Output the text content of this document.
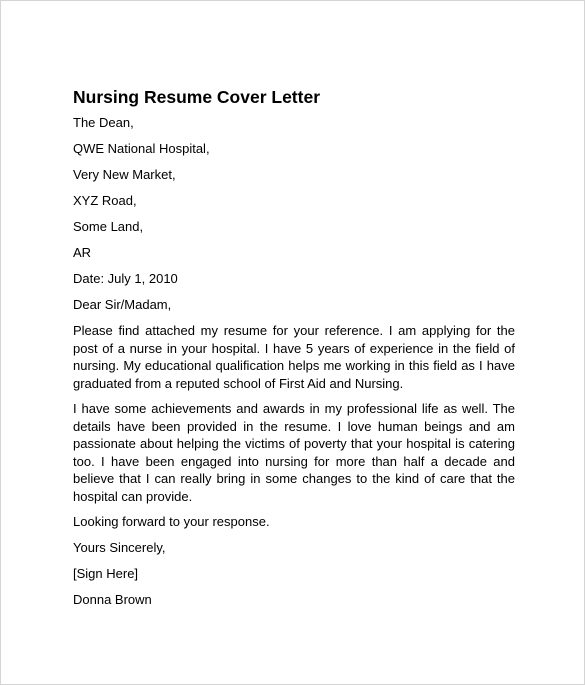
Nursing Resume Cover Letter
The Dean,
QWE National Hospital,
Very New Market,
XYZ Road,
Some Land,
AR
Date: July 1, 2010
Dear Sir/Madam,
Please find attached my resume for your reference. I am applying for the post of a nurse in your hospital. I have 5 years of experience in the field of nursing. My educational qualification helps me working in this field as I have graduated from a reputed school of First Aid and Nursing.
I have some achievements and awards in my professional life as well. The details have been provided in the resume. I love human beings and am passionate about helping the victims of poverty that your hospital is catering too. I have been engaged into nursing for more than half a decade and believe that I can really bring in some changes to the kind of care that the hospital can provide.
Looking forward to your response.
Yours Sincerely,
[Sign Here]
Donna Brown
